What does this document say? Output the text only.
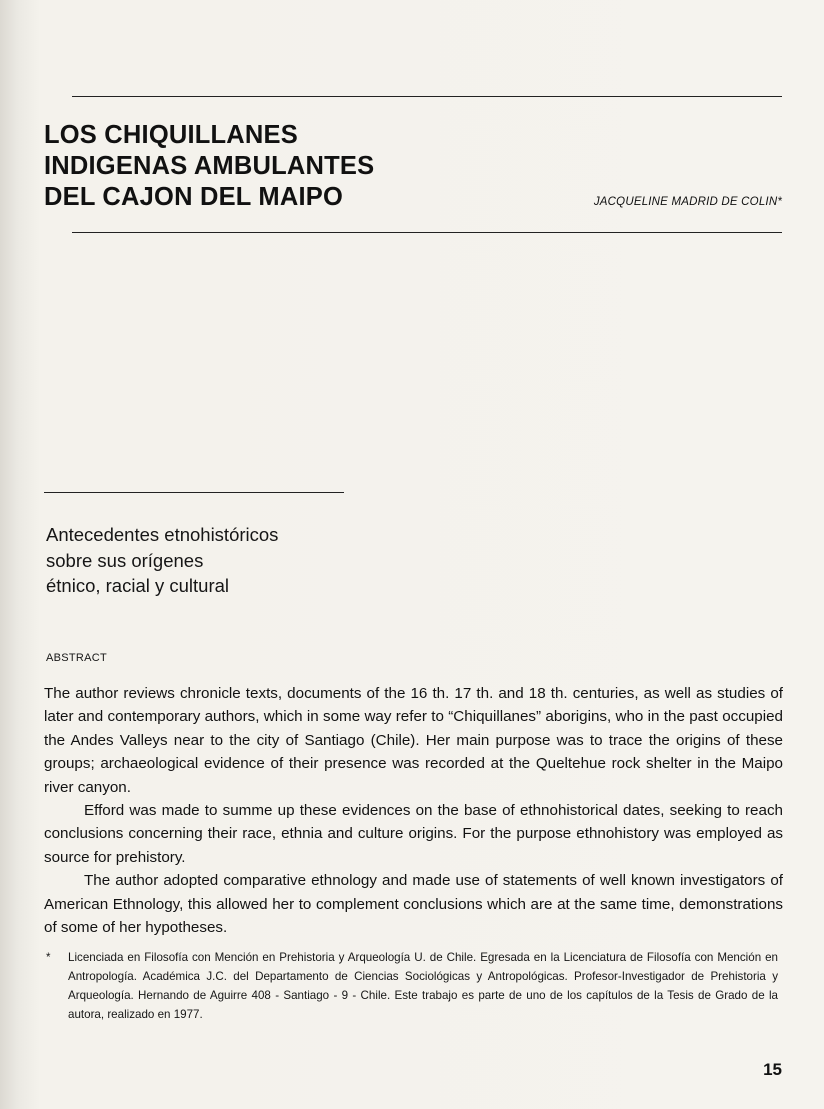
LOS CHIQUILLANES
INDIGENAS AMBULANTES
DEL CAJON DEL MAIPO	JACQUELINE MADRID DE COLIN*
Antecedentes etnohistóricos
sobre sus orígenes
étnico, racial y cultural
ABSTRACT

The author reviews chronicle texts, documents of the 16 th. 17 th. and 18 th. centuries, as well as studies of later and contemporary authors, which in some way refer to “Chiquillanes” aborigins, who in the past occupied the Andes Valleys near to the city of Santiago (Chile). Her main purpose was to trace the origins of these groups; archaeological evidence of their presence was recorded at the Queltehue rock shelter in the Maipo river canyon.

Efford was made to summe up these evidences on the base of ethnohistorical dates, seeking to reach conclusions concerning their race, ethnia and culture origins. For the purpose ethnohistory was employed as source for prehistory.

The author adopted comparative ethnology and made use of statements of well known investigators of American Ethnology, this allowed her to complement conclusions which are at the same time, demonstrations of some of her hypotheses.

* Licenciada en Filosofía con Mención en Prehistoria y Arqueología U. de Chile. Egresada en la Licenciatura de Filosofía con Mención en Antropología. Académica J.C. del Departamento de Ciencias Sociológicas y Antropológicas. Profesor-Investigador de Prehistoria y Arqueología. Hernando de Aguirre 408 - Santiago - 9 - Chile. Este trabajo es parte de uno de los capítulos de la Tesis de Grado de la autora, realizado en 1977.
15
